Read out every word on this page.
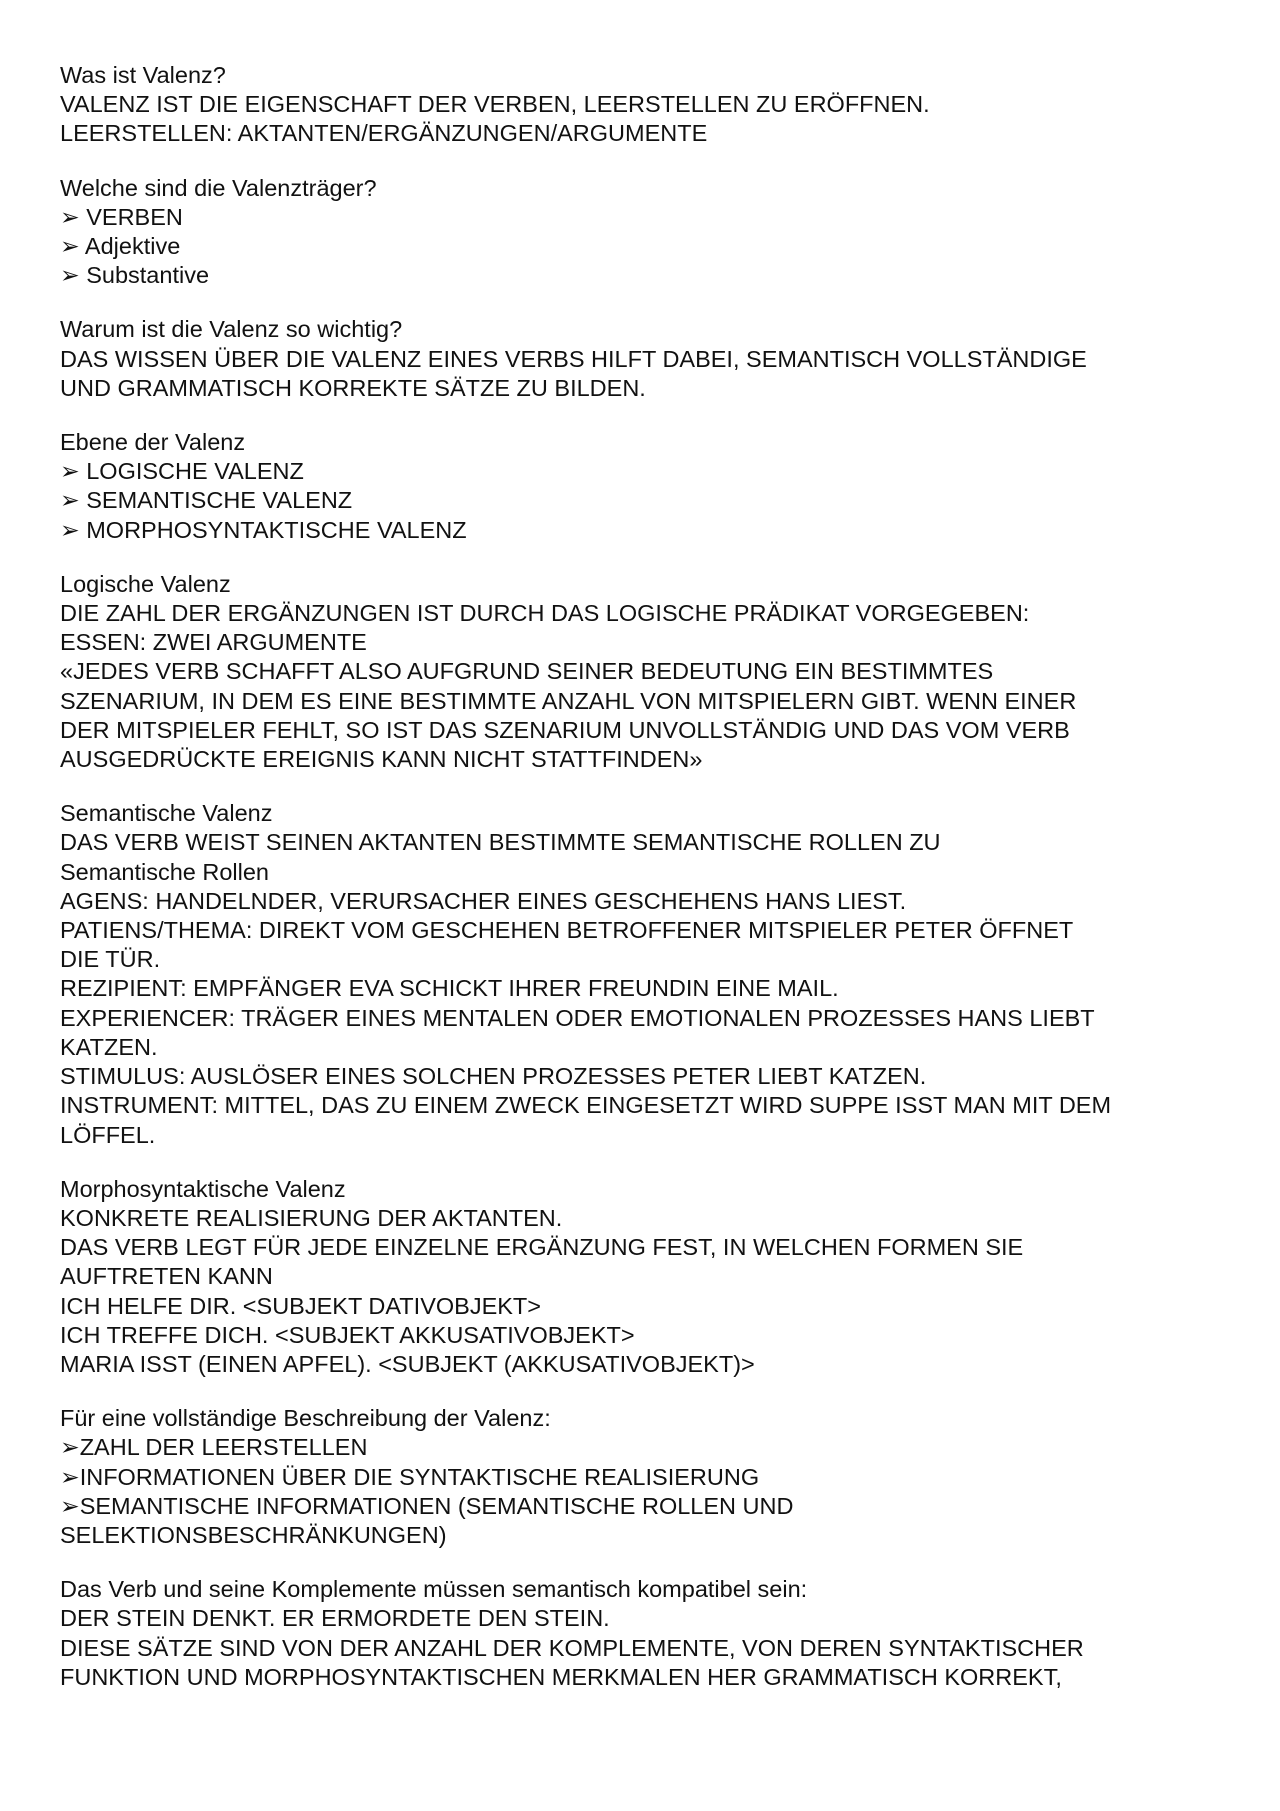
Was ist Valenz?
VALENZ IST DIE EIGENSCHAFT DER VERBEN, LEERSTELLEN ZU ERÖFFNEN.
LEERSTELLEN: AKTANTEN/ERGÄNZUNGEN/ARGUMENTE
Welche sind die Valenzträger?
➢ VERBEN
➢ Adjektive
➢ Substantive
Warum ist die Valenz so wichtig?
DAS WISSEN ÜBER DIE VALENZ EINES VERBS HILFT DABEI, SEMANTISCH VOLLSTÄNDIGE
UND GRAMMATISCH KORREKTE SÄTZE ZU BILDEN.
Ebene der Valenz
➢ LOGISCHE VALENZ
➢ SEMANTISCHE VALENZ
➢ MORPHOSYNTAKTISCHE VALENZ
Logische Valenz
DIE ZAHL DER ERGÄNZUNGEN IST DURCH DAS LOGISCHE PRÄDIKAT VORGEGEBEN:
ESSEN: ZWEI ARGUMENTE
«JEDES VERB SCHAFFT ALSO AUFGRUND SEINER BEDEUTUNG EIN BESTIMMTES
SZENARIUM, IN DEM ES EINE BESTIMMTE ANZAHL VON MITSPIELERN GIBT. WENN EINER
DER MITSPIELER FEHLT, SO IST DAS SZENARIUM UNVOLLSTÄNDIG UND DAS VOM VERB
AUSGEDRÜCKTE EREIGNIS KANN NICHT STATTFINDEN»
Semantische Valenz
DAS VERB WEIST SEINEN AKTANTEN BESTIMMTE SEMANTISCHE ROLLEN ZU
Semantische Rollen
AGENS: HANDELNDER, VERURSACHER EINES GESCHEHENS HANS LIEST.
PATIENS/THEMA: DIREKT VOM GESCHEHEN BETROFFENER MITSPIELER PETER ÖFFNET
DIE TÜR.
REZIPIENT: EMPFÄNGER EVA SCHICKT IHRER FREUNDIN EINE MAIL.
EXPERIENCER: TRÄGER EINES MENTALEN ODER EMOTIONALEN PROZESSES HANS LIEBT
KATZEN.
STIMULUS: AUSLÖSER EINES SOLCHEN PROZESSES PETER LIEBT KATZEN.
INSTRUMENT: MITTEL, DAS ZU EINEM ZWECK EINGESETZT WIRD SUPPE ISST MAN MIT DEM
LÖFFEL.
Morphosyntaktische Valenz
KONKRETE REALISIERUNG DER AKTANTEN.
DAS VERB LEGT FÜR JEDE EINZELNE ERGÄNZUNG FEST, IN WELCHEN FORMEN SIE
AUFTRETEN KANN
ICH HELFE DIR. <SUBJEKT DATIVOBJEKT>
ICH TREFFE DICH. <SUBJEKT AKKUSATIVOBJEKT>
MARIA ISST (EINEN APFEL). <SUBJEKT (AKKUSATIVOBJEKT)>
Für eine vollständige Beschreibung der Valenz:
➢ZAHL DER LEERSTELLEN
➢INFORMATIONEN ÜBER DIE SYNTAKTISCHE REALISIERUNG
➢SEMANTISCHE INFORMATIONEN (SEMANTISCHE ROLLEN UND
SELEKTIONSBESCHRÄNKUNGEN)
Das Verb und seine Komplemente müssen semantisch kompatibel sein:
DER STEIN DENKT. ER ERMORDETE DEN STEIN.
DIESE SÄTZE SIND VON DER ANZAHL DER KOMPLEMENTE, VON DEREN SYNTAKTISCHER
FUNKTION UND MORPHOSYNTAKTISCHEN MERKMALEN HER GRAMMATISCH KORREKT,
